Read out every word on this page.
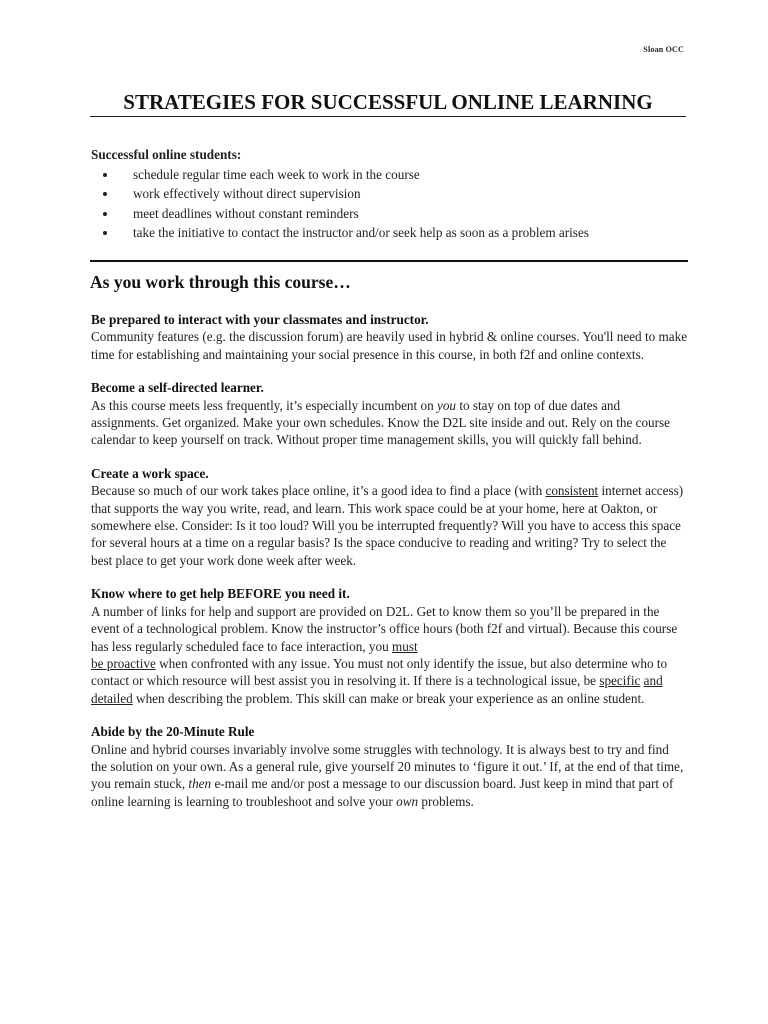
Sloan OCC
STRATEGIES FOR SUCCESSFUL ONLINE LEARNING
Successful online students:
• schedule regular time each week to work in the course
• work effectively without direct supervision
• meet deadlines without constant reminders
• take the initiative to contact the instructor and/or seek help as soon as a problem arises
As you work through this course…
Be prepared to interact with your classmates and instructor.

Community features (e.g. the discussion forum) are heavily used in hybrid & online courses. You'll need to make time for establishing and maintaining your social presence in this course, in both f2f and online contexts.

Become a self-directed learner.

As this course meets less frequently, it’s especially incumbent on you to stay on top of due dates and assignments. Get organized. Make your own schedules. Know the D2L site inside and out. Rely on the course calendar to keep yourself on track. Without proper time management skills, you will quickly fall behind.

Create a work space.

Because so much of our work takes place online, it’s a good idea to find a place (with consistent internet access) that supports the way you write, read, and learn. This work space could be at your home, here at Oakton, or somewhere else. Consider: Is it too loud? Will you be interrupted frequently? Will you have to access this space for several hours at a time on a regular basis? Is the space conducive to reading and writing? Try to select the best place to get your work done week after week.

Know where to get help BEFORE you need it.

A number of links for help and support are provided on D2L. Get to know them so you’ll be prepared in the event of a technological problem. Know the instructor’s office hours (both f2f and virtual). Because this course has less regularly scheduled face to face interaction, you must
be proactive when confronted with any issue. You must not only identify the issue, but also determine who to contact or which resource will best assist you in resolving it. If there is a technological issue, be specific and detailed when describing the problem. This skill can make or break your experience as an online student.

Abide by the 20-Minute Rule

Online and hybrid courses invariably involve some struggles with technology. It is always best to try and find the solution on your own. As a general rule, give yourself 20 minutes to ‘figure it out.’ If, at the end of that time, you remain stuck, then e-mail me and/or post a message to our discussion board. Just keep in mind that part of online learning is learning to troubleshoot and solve your own problems.
